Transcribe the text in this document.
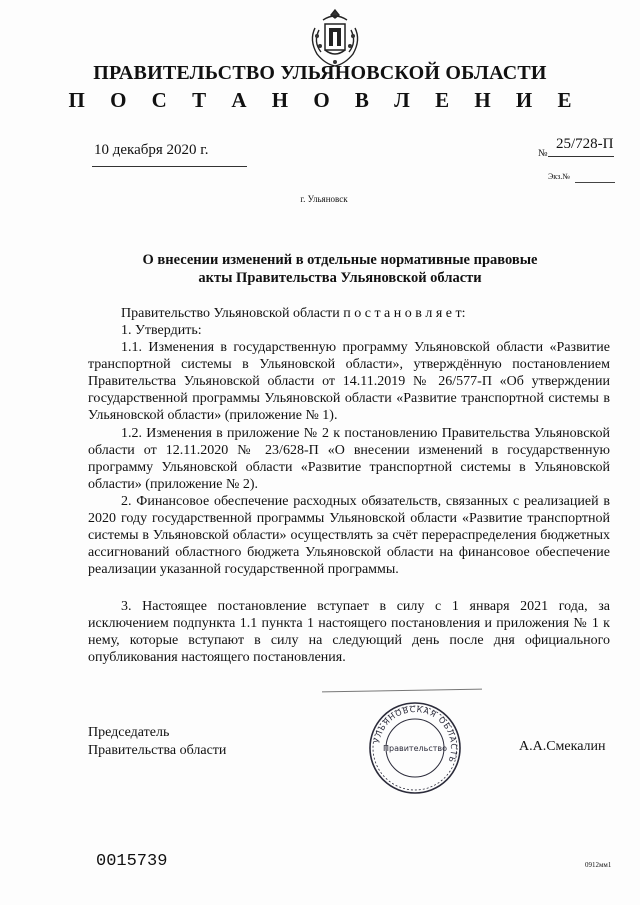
ПРАВИТЕЛЬСТВО УЛЬЯНОВСКОЙ ОБЛАСТИ
П О С Т А Н О В Л Е Н И Е
10 декабря 2020 г.	№
25/728-П
Экз.№
г. Ульяновск
О внесении изменений в отдельные нормативные правовые акты Правительства Ульяновской области
Правительство Ульяновской области п о с т а н о в л я е т:
1. Утвердить:
1.1. Изменения в государственную программу Ульяновской области «Развитие транспортной системы в Ульяновской области», утверждённую постановлением Правительства Ульяновской области от 14.11.2019 № 26/577-П «Об утверждении государственной программы Ульяновской области «Развитие транспортной системы в Ульяновской области» (приложение № 1).
1.2. Изменения в приложение № 2 к постановлению Правительства Ульяновской области от 12.11.2020 № 23/628-П «О внесении изменений в государственную программу Ульяновской области «Развитие транспортной системы в Ульяновской области» (приложение № 2).
2. Финансовое обеспечение расходных обязательств, связанных с реализацией в 2020 году государственной программы Ульяновской области «Развитие транспортной системы в Ульяновской области» осуществлять за счёт перераспределения бюджетных ассигнований областного бюджета Ульяновской области на финансовое обеспечение реализации указанной государственной программы.
3. Настоящее постановление вступает в силу с 1 января 2021 года, за исключением подпункта 1.1 пункта 1 настоящего постановления и приложения № 1 к нему, которые вступают в силу на следующий день после дня официального опубликования настоящего постановления.
УЛЬЯНОВСКАЯ ОБЛАСТЬ
Правительство
Председатель
Правительства области	А.А.Смекалин
0015739	0912мм1
